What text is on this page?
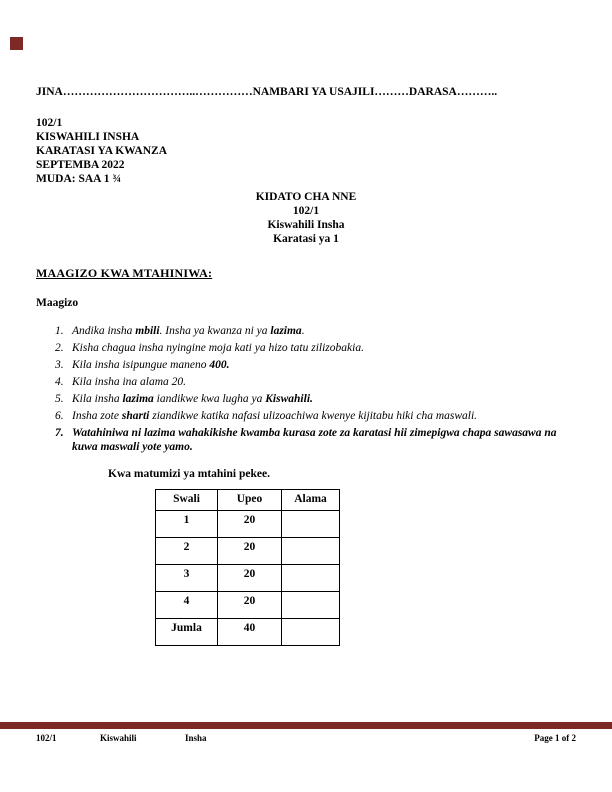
JINA……………………………..……………NAMBARI YA USAJILI………DARASA………..
102/1
KISWAHILI INSHA
KARATASI YA KWANZA
SEPTEMBA 2022
MUDA: SAA 1 ¾
KIDATO CHA NNE
102/1
Kiswahili Insha
Karatasi ya 1
MAAGIZO KWA MTAHINIWA:
Maagizo
1. Andika insha mbili. Insha ya kwanza ni ya lazima.
2. Kisha chagua insha nyingine moja kati ya hizo tatu zilizobakia.
3. Kila insha isipungue maneno 400.
4. Kila insha ina alama 20.
5. Kila insha lazima iandikwe kwa lugha ya Kiswahili.
6. Insha zote sharti ziandikwe katika nafasi ulizoachiwa kwenye kijitabu hiki cha maswali.
7. Watahiniwa ni lazima wahakikishe kwamba kurasa zote za karatasi hii zimepigwa chapa sawasawa na kuwa maswali yote yamo.
Kwa matumizi ya mtahini pekee.
Swali	Upeo	Alama
1	20	
2	20	
3	20	
4	20	
Jumla	40	
102/1	Kiswahili	Insha	Page 1 of 2
